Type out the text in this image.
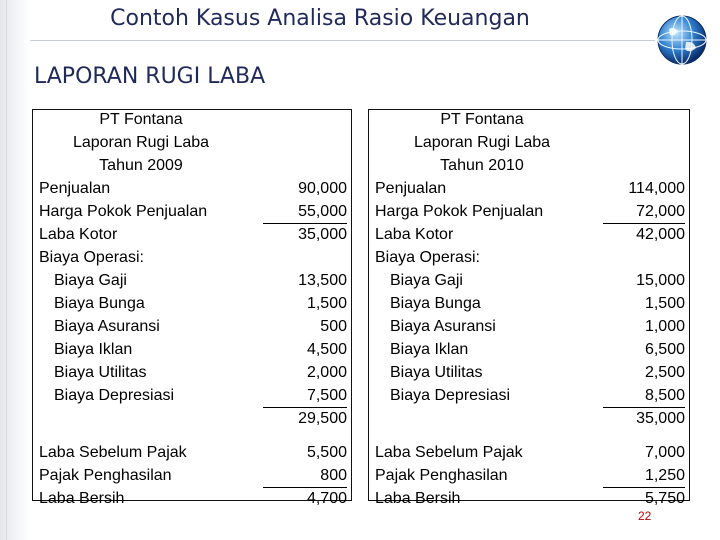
Contoh Kasus Analisa Rasio Keuangan
LAPORAN RUGI LABA
PT Fontana
Laporan Rugi Laba
Tahun 2009
Penjualan	90,000
Harga Pokok Penjualan	55,000
Laba Kotor	35,000
Biaya Operasi:
Biaya Gaji	13,500
Biaya Bunga	1,500
Biaya Asuransi	500
Biaya Iklan	4,500
Biaya Utilitas	2,000
Biaya Depresiasi	7,500
29,500
Laba Sebelum Pajak	5,500
Pajak Penghasilan	800
Laba Bersih	4,700
PT Fontana
Laporan Rugi Laba
Tahun 2010
Penjualan	114,000
Harga Pokok Penjualan	72,000
Laba Kotor	42,000
Biaya Operasi:
Biaya Gaji	15,000
Biaya Bunga	1,500
Biaya Asuransi	1,000
Biaya Iklan	6,500
Biaya Utilitas	2,500
Biaya Depresiasi	8,500
35,000
Laba Sebelum Pajak	7,000
Pajak Penghasilan	1,250
Laba Bersih	5,750
22
